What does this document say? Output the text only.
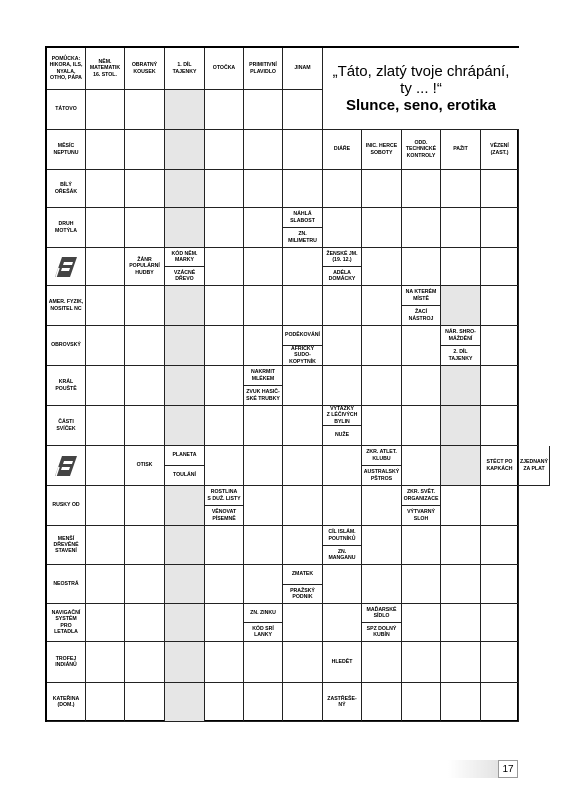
POMŮCKA:
HIKORA, ILS,
NYALA,
OTHO, PÁPA
NĚM.
MATEMATIK
16. STOL.
OBRATNÝ
KOUSEK
1. DÍL
TAJENKY
OTOČKA
PRIMITIVNÍ
PLAVIDLO
JINAM	„Táto, zlatý tvoje chrápání,
ty ... !“
Slunce, seno, erotika
DIÁŘE
INIC. HERCE
SOBOTY
ODD.
TECHNICKÉ
KONTROLY
PAŽIT
VĚZENÍ
(ZAST.)
TÁTOVO
MĚSÍC
NEPTUNU
BÍLÝ
OŘEŠÁK
DRUH
MOTÝLA
AMER. FYZIK,
NOSITEL NC
OBROVSKÝ
KRÁL
POUŠTĚ
ČÁSTI
SVÍČEK
RUSKY OD
MENŠÍ
DŘEVĚNÉ
STAVENÍ
NEOSTRÁ
NAVIGAČNÍ
SYSTÉM
PRO
LETADLA
TROFEJ
INDIÁNŮ
KATEŘINA
(DOM.)
NÁHLÁ
SLABOST
ZN.
MILIMETRU
ŽÁNR
POPULÁRNÍ
HUDBY
KÓD NĚM.
MARKY
VZÁCNÉ
DŘEVO
ŽENSKÉ JM.
(19. 12.)
ADÉLA
DOMÁCKY
NA KTERÉM
MÍSTĚ
ŽACÍ
NÁSTROJ
PODĚKOVÁNÍ
AFRICKÝ
SUDO-
KOPYTNÍK
NÁR. SHRO-
MÁŽDĚNÍ
2. DÍL
TAJENKY
NAKRMIT
MLÉKEM
ZVUK HASIČ-
SKÉ TRUBKY
VÝTAŽKY
Z LÉČIVÝCH
BYLIN
NUŽE
OTISK
PLANETA
TOULÁNÍ
ZKR. ATLET.
KLUBU
AUSTRALSKÝ
PŠTROS
STÉCT PO
KAPKÁCH
ZJEDNANÝ
ZA PLAT
ROSTLINA
S DUŽ. LISTY
VĚNOVAT
PÍSEMNĚ
ZKR. SVĚT.
ORGANIZACE
VÝTVARNÝ
SLOH
CÍL ISLÁM.
POUTNÍKŮ
ZN.
MANGANU
ZMATEK
PRAŽSKÝ
PODNIK
ZN. ZINKU
KÓD SRÍ
LANKY
MAĎARSKÉ
SÍDLO
SPZ DOLNÝ
KUBÍN
HLEDĚT
ZASTŘEŠE-
NÝ
17
